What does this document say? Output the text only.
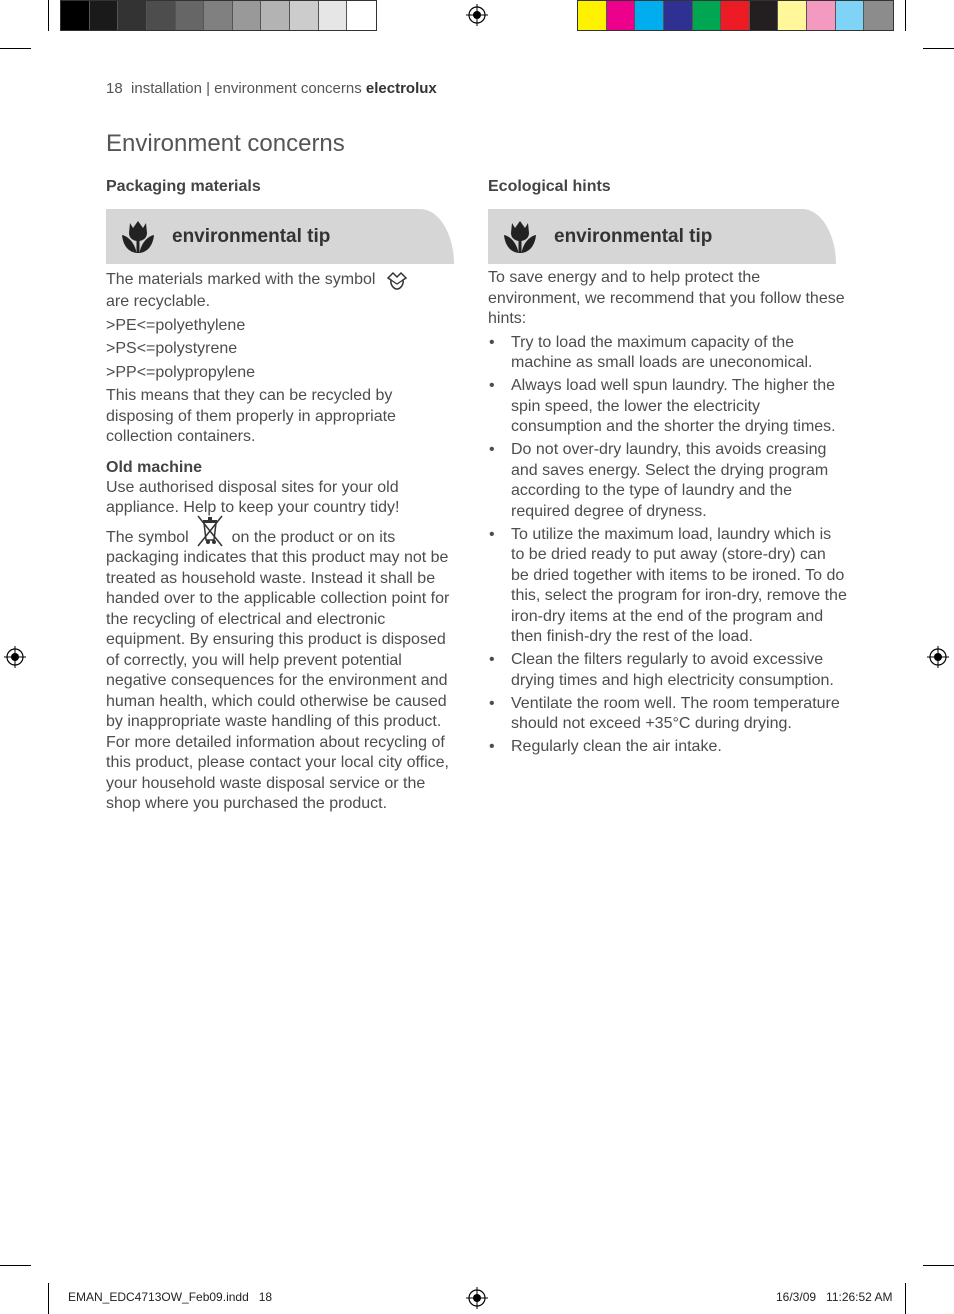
18 installation | environment concerns electrolux
Environment concerns
Packaging materials
environmental tip

The materials marked with the symbol
are recyclable.

>PE<=polyethylene

>PS<=polystyrene

>PP<=polypropylene

This means that they can be recycled by disposing of them properly in appropriate collection containers.

Old machine

Use authorised disposal sites for your old appliance. Help to keep your country tidy!

The symbol	on the product or on its packaging indicates that this product may not be treated as household waste. Instead it shall be handed over to the applicable collection point for the recycling of electrical and electronic equipment. By ensuring this product is disposed of correctly, you will help prevent potential negative consequences for the environment and human health, which could otherwise be caused by inappropriate waste handling of this product. For more detailed information about recycling of this product, please contact your local city office, your household waste disposal service or the shop where you purchased the product.

Ecological hints
environmental tip

To save energy and to help protect the environment, we recommend that you follow these hints:

• Try to load the maximum capacity of the machine as small loads are uneconomical.
• Always load well spun laundry. The higher the spin speed, the lower the electricity consumption and the shorter the drying times.
• Do not over-dry laundry, this avoids creasing and saves energy. Select the drying program according to the type of laundry and the required degree of dryness.
• To utilize the maximum load, laundry which is to be dried ready to put away (store-dry) can be dried together with items to be ironed. To do this, select the program for iron-dry, remove the iron-dry items at the end of the program and then finish-dry the rest of the load.
• Clean the filters regularly to avoid excessive drying times and high electricity consumption.
• Ventilate the room well. The room temperature should not exceed +35°C during drying.
• Regularly clean the air intake.
EMAN_EDC4713OW_Feb09.indd   18	16/3/09   11:26:52 AM
